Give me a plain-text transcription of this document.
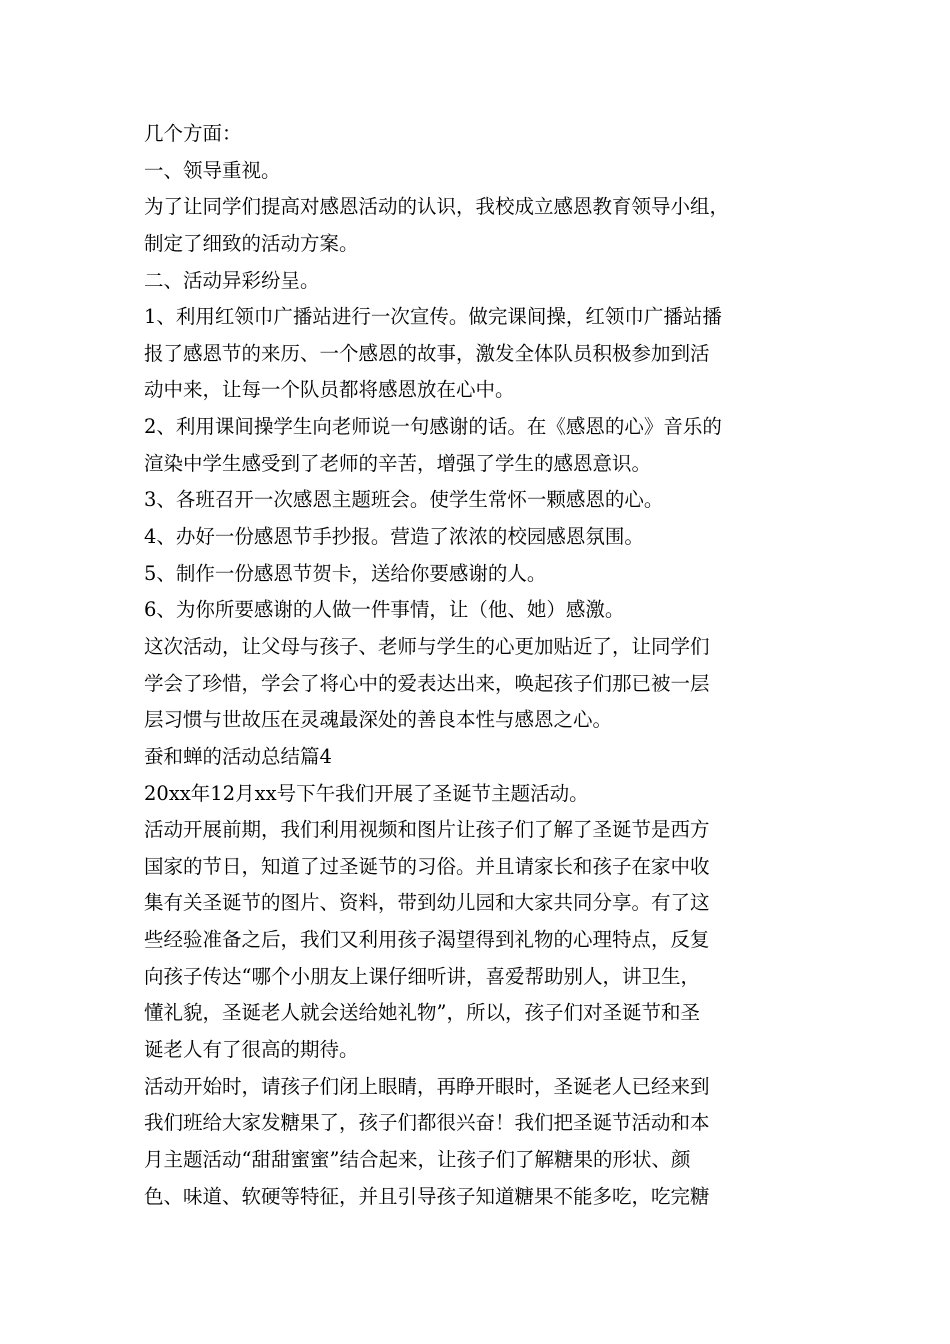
几个方面：
一、领导重视。
为了让同学们提高对感恩活动的认识，我校成立感恩教育领导小组，
制定了细致的活动方案。
二、活动异彩纷呈。
1、利用红领巾广播站进行一次宣传。做完课间操，红领巾广播站播
报了感恩节的来历、一个感恩的故事，激发全体队员积极参加到活
动中来，让每一个队员都将感恩放在心中。
2、利用课间操学生向老师说一句感谢的话。在《感恩的心》音乐的
渲染中学生感受到了老师的辛苦，增强了学生的感恩意识。
3、各班召开一次感恩主题班会。使学生常怀一颗感恩的心。
4、办好一份感恩节手抄报。营造了浓浓的校园感恩氛围。
5、制作一份感恩节贺卡，送给你要感谢的人。
6、为你所要感谢的人做一件事情，让（他、她）感激。
这次活动，让父母与孩子、老师与学生的心更加贴近了，让同学们
学会了珍惜，学会了将心中的爱表达出来，唤起孩子们那已被一层
层习惯与世故压在灵魂最深处的善良本性与感恩之心。
蚕和蝉的活动总结篇4
20xx年12月xx号下午我们开展了圣诞节主题活动。
活动开展前期，我们利用视频和图片让孩子们了解了圣诞节是西方
国家的节日，知道了过圣诞节的习俗。并且请家长和孩子在家中收
集有关圣诞节的图片、资料，带到幼儿园和大家共同分享。有了这
些经验准备之后，我们又利用孩子渴望得到礼物的心理特点，反复
向孩子传达“哪个小朋友上课仔细听讲，喜爱帮助别人，讲卫生，
懂礼貌，圣诞老人就会送给她礼物”，所以，孩子们对圣诞节和圣
诞老人有了很高的期待。
活动开始时，请孩子们闭上眼睛，再睁开眼时，圣诞老人已经来到
我们班给大家发糖果了，孩子们都很兴奋！我们把圣诞节活动和本
月主题活动“甜甜蜜蜜”结合起来，让孩子们了解糖果的形状、颜
色、味道、软硬等特征，并且引导孩子知道糖果不能多吃，吃完糖
